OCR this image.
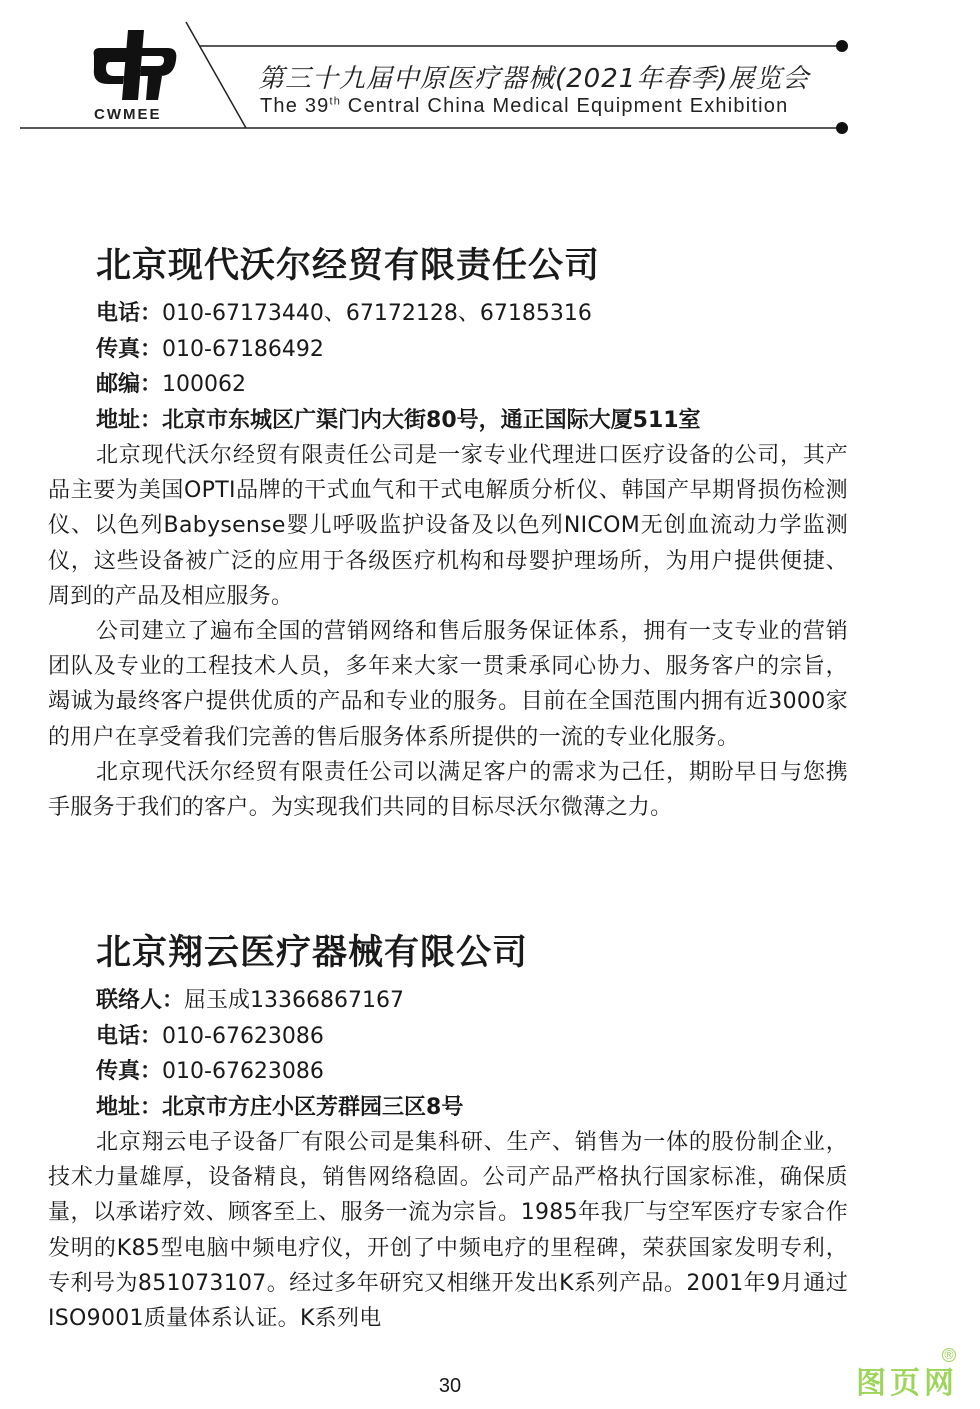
CWMEE
第三十九届中原医疗器械(2021年春季)展览会
The 39th Central China Medical Equipment Exhibition
北京现代沃尔经贸有限责任公司
电话：010-67173440、67172128、67185316
传真：010-67186492
邮编：100062
地址：北京市东城区广渠门内大街80号，通正国际大厦511室

北京现代沃尔经贸有限责任公司是一家专业代理进口医疗设备的公司，其产品主要为美国OPTI品牌的干式血气和干式电解质分析仪、韩国产早期肾损伤检测仪、以色列Babysense婴儿呼吸监护设备及以色列NICOM无创血流动力学监测仪，这些设备被广泛的应用于各级医疗机构和母婴护理场所，为用户提供便捷、周到的产品及相应服务。

公司建立了遍布全国的营销网络和售后服务保证体系，拥有一支专业的营销团队及专业的工程技术人员，多年来大家一贯秉承同心协力、服务客户的宗旨，竭诚为最终客户提供优质的产品和专业的服务。目前在全国范围内拥有近3000家的用户在享受着我们完善的售后服务体系所提供的一流的专业化服务。

北京现代沃尔经贸有限责任公司以满足客户的需求为己任，期盼早日与您携手服务于我们的客户。为实现我们共同的目标尽沃尔微薄之力。

北京翔云医疗器械有限公司
联络人：屈玉成13366867167
电话：010-67623086
传真：010-67623086
地址：北京市方庄小区芳群园三区8号

北京翔云电子设备厂有限公司是集科研、生产、销售为一体的股份制企业，技术力量雄厚，设备精良，销售网络稳固。公司产品严格执行国家标准，确保质量，以承诺疗效、顾客至上、服务一流为宗旨。1985年我厂与空军医疗专家合作发明的K85型电脑中频电疗仪，开创了中频电疗的里程碑，荣获国家发明专利，专利号为851073107。经过多年研究又相继开发出K系列产品。2001年9月通过ISO9001质量体系认证。K系列电

30	图页网
®
